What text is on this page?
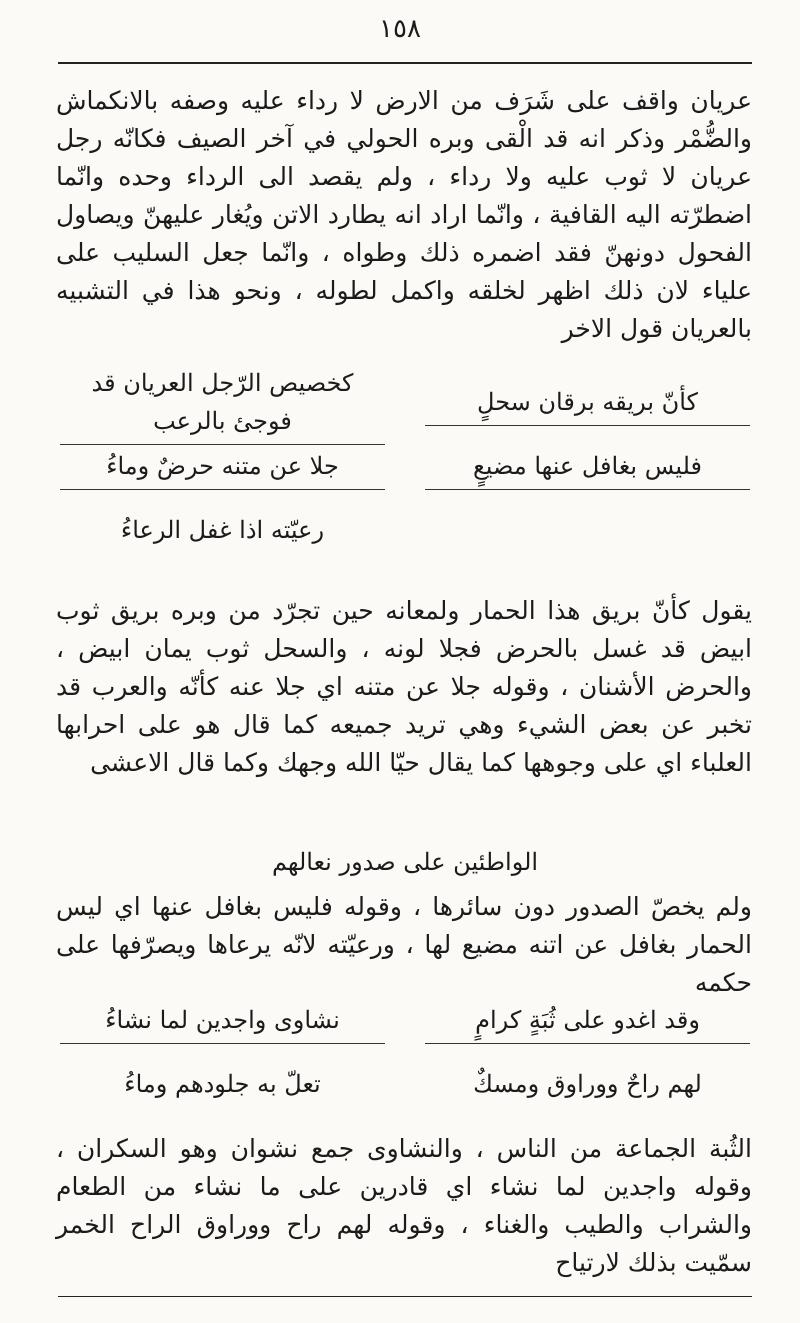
١٥٨

عريان واقف على شَرَف من الارض لا رداء عليه وصفه بالانكماش والضُّمْر وذكر انه قد الْقى وبره الحولي في آخر الصيف فكانّه رجل عريان لا ثوب عليه ولا رداء ، ولم يقصد الى الرداء وحده وانّما اضطرّته اليه القافية ، وانّما اراد انه يطارد الاتن ويُغار عليهنّ ويصاول الفحول دونهنّ فقد اضمره ذلك وطواه ، وانّما جعل السليب على علياء لان ذلك اظهر لخلقه واكمل لطوله ، ونحو هذا في التشبيه بالعريان قول الاخر

كأنّ بريقه برقان سحلٍ
كخصيص الرّجل العريان قد فوجئ بالرعب
فليس بغافل عنها مضيعٍ
جلا عن متنه حرضٌ وماءُ
رعيّته اذا غفل الرعاءُ

يقول كأنّ بريق هذا الحمار ولمعانه حين تجرّد من وبره بريق ثوب ابيض قد غسل بالحرض فجلا لونه ، والسحل ثوب يمان ابيض ، والحرض الأشنان ، وقوله جلا عن متنه اي جلا عنه كأنّه والعرب قد تخبر عن بعض الشيء وهي تريد جميعه كما قال هو على احرابها العلباء اي على وجوهها كما يقال حيّا الله وجهك وكما قال الاعشى

الواطئين على صدور نعالهم

ولم يخصّ الصدور دون سائرها ، وقوله فليس بغافل عنها اي ليس الحمار بغافل عن اتنه مضيع لها ، ورعيّته لانّه يرعاها ويصرّفها على حكمه

وقد اغدو على ثُبَةٍ كرامٍ
نشاوى واجدين لما نشاءُ
لهم راحٌ ووراوق ومسكٌ
تعلّ به جلودهم وماءُ

الثُبة الجماعة من الناس ، والنشاوى جمع نشوان وهو السكران ، وقوله واجدين لما نشاء اي قادرين على ما نشاء من الطعام والشراب والطيب والغناء ، وقوله لهم راح ووراوق الراح الخمر سمّيت بذلك لارتياح
